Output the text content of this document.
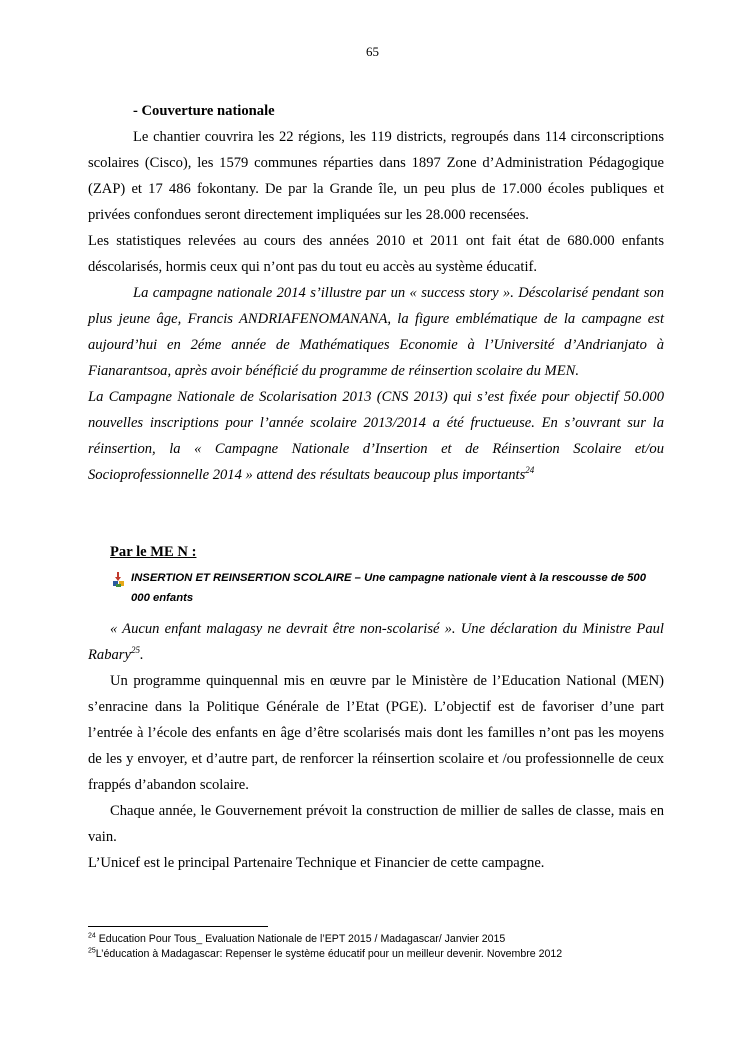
65

- Couverture nationale

Le chantier couvrira les 22 régions, les 119 districts, regroupés dans 114 circonscriptions scolaires (Cisco), les 1579 communes réparties dans 1897 Zone d’Administration Pédagogique (ZAP) et 17 486 fokontany. De par la Grande île, un peu plus de 17.000 écoles publiques et privées confondues seront directement impliquées sur les 28.000 recensées.

Les statistiques relevées au cours des années 2010 et 2011 ont fait état de 680.000 enfants déscolarisés, hormis ceux qui n’ont pas du tout eu accès au système éducatif.

La campagne nationale 2014 s’illustre par un « success story ». Déscolarisé pendant son plus jeune âge, Francis ANDRIAFENOMANANA, la figure emblématique de la campagne est aujourd’hui en 2éme année de Mathématiques Economie à l’Université d’Andrianjato à Fianarantsoa, après avoir bénéficié du programme de réinsertion scolaire du MEN.

La Campagne Nationale de Scolarisation 2013 (CNS 2013) qui s’est fixée pour objectif 50.000 nouvelles inscriptions pour l’année scolaire 2013/2014 a été fructueuse. En s’ouvrant sur la réinsertion, la « Campagne Nationale d’Insertion et de Réinsertion Scolaire et/ou Socioprofessionnelle 2014 » attend des résultats beaucoup plus importants$^{24}$

Par le ME N :

INSERTION ET REINSERTION SCOLAIRE – Une campagne nationale vient à la rescousse de 500 000 enfants

« Aucun enfant malagasy ne devrait être non-scolarisé ». Une déclaration du Ministre Paul Rabary$^{25}$.

Un programme quinquennal mis en œuvre par le Ministère de l’Education National (MEN) s’enracine dans la Politique Générale de l’Etat (PGE). L’objectif est de favoriser d’une part l’entrée à l’école des enfants en âge d’être scolarisés mais dont les familles n’ont pas les moyens de les y envoyer, et d’autre part, de renforcer la réinsertion scolaire et /ou professionnelle de ceux frappés d’abandon scolaire.

Chaque année, le Gouvernement prévoit la construction de millier de salles de classe, mais en vain.

L’Unicef est le principal Partenaire Technique et Financier de cette campagne.

$^{24}$ Education Pour Tous_ Evaluation Nationale de l’EPT 2015 / Madagascar/ Janvier 2015
$^{25}$L’éducation à Madagascar: Repenser le système éducatif pour un meilleur devenir. Novembre 2012
